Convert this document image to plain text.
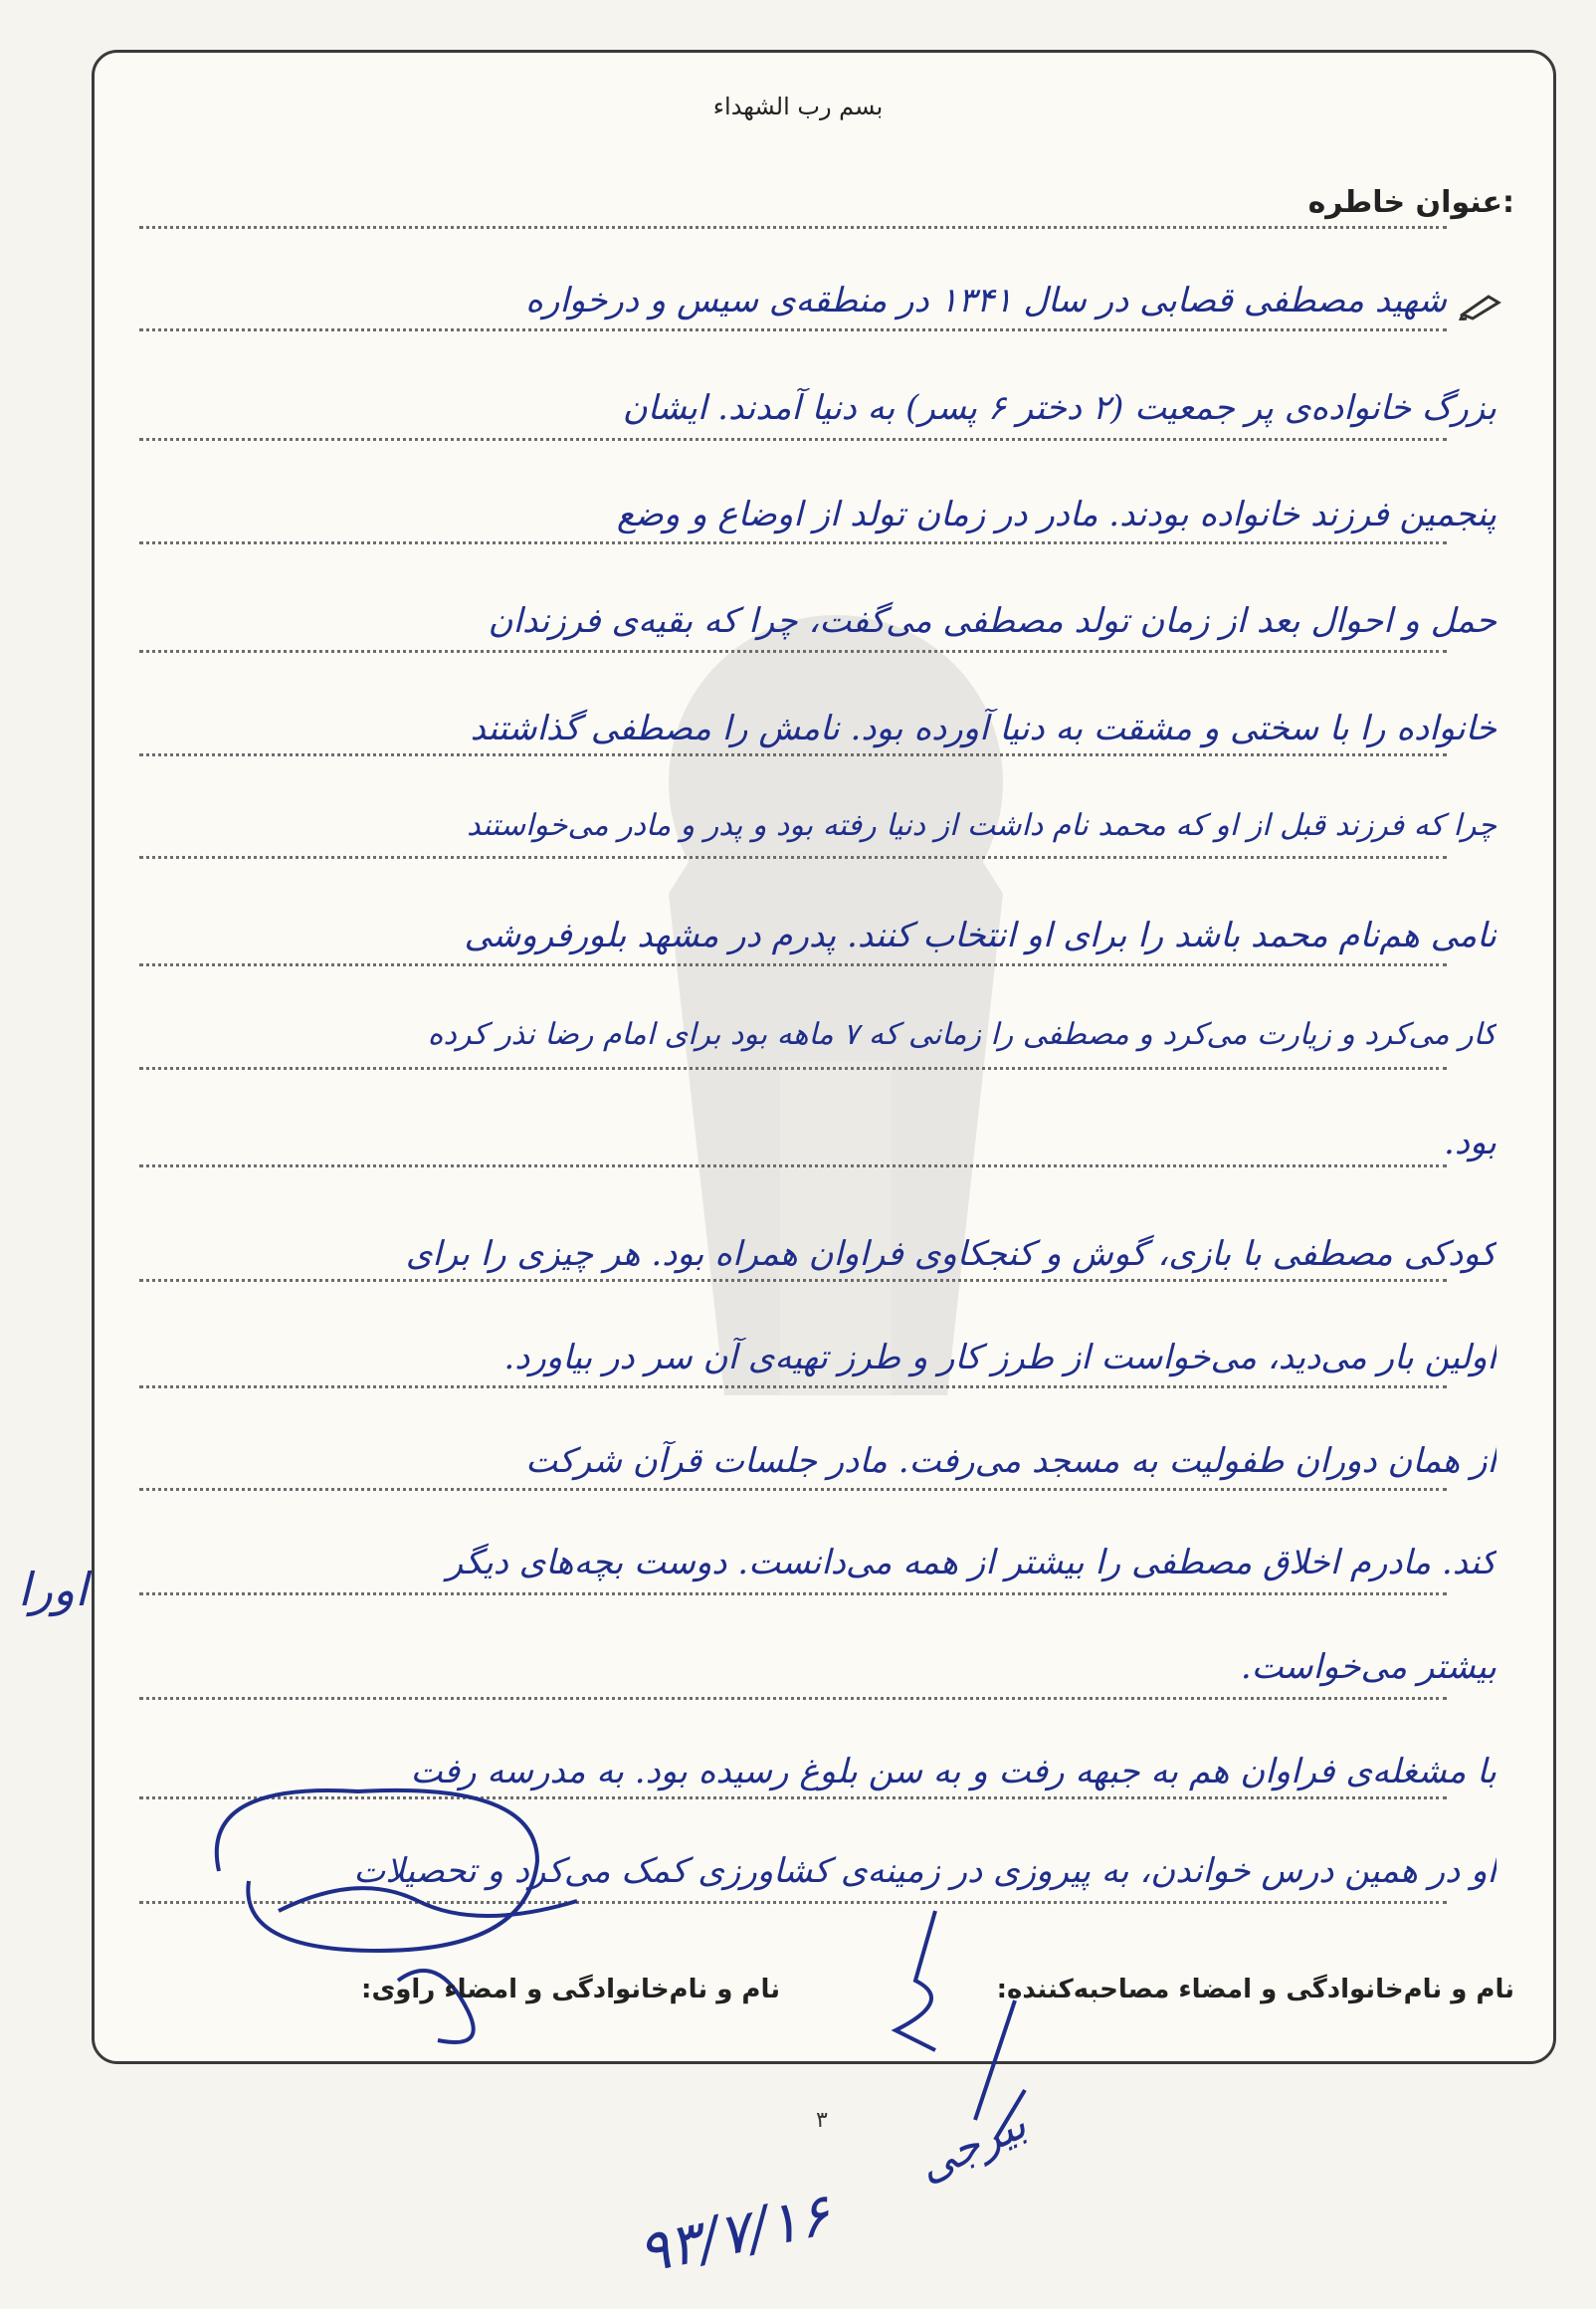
بسم رب الشهداء
عنوان خاطره:
شهید مصطفی قصابی در سال ۱۳۴۱ در منطقه‌ی سیس و درخواره
بزرگ خانواده‌ی پر جمعیت (۲ دختر ۶ پسر) به دنیا آمدند. ایشان
پنجمین فرزند خانواده بودند. مادر در زمان تولد از اوضاع و وضع
حمل و احوال بعد از زمان تولد مصطفی می‌گفت، چرا که بقیه‌ی فرزندان
خانواده را با سختی و مشقت به دنیا آورده بود. نامش را مصطفی گذاشتند
چرا که فرزند قبل از او که محمد نام داشت از دنیا رفته بود و پدر و مادر می‌خواستند
نامی هم‌نام محمد باشد را برای او انتخاب کنند. پدرم در مشهد بلورفروشی
کار می‌کرد و زیارت می‌کرد و مصطفی را زمانی که ۷ ماهه بود برای امام رضا نذر کرده
بود.
کودکی مصطفی با بازی، گوش و کنجکاوی فراوان همراه بود. هر چیزی را برای
اولین بار می‌دید، می‌خواست از طرز کار و طرز تهیه‌ی آن سر در بیاورد.
از همان دوران طفولیت به مسجد می‌رفت. مادر جلسات قرآن شرکت
کند. مادرم اخلاق مصطفی را بیشتر از همه می‌دانست. دوست بچه‌های دیگر
بیشتر می‌خواست.
با مشغله‌ی فراوان هم به جبهه رفت و به سن بلوغ رسیده بود. به مدرسه رفت
او در همین درس خواندن، به پیروزی در زمینه‌ی کشاورزی کمک می‌کرد و تحصیلات
نام و نام‌خانوادگی و امضاء مصاحبه‌کننده:
نام و نام‌خانوادگی و امضاء راوی:
۳
اورا
بیرجی
۹۳/۷/۱۶
